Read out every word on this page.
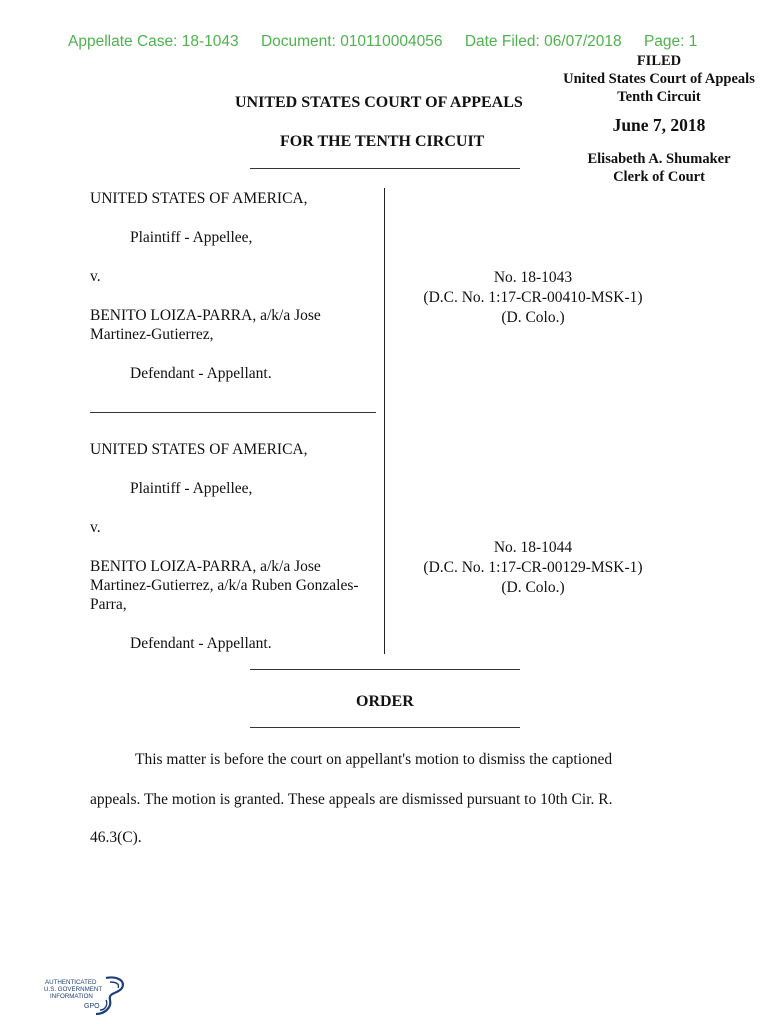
Appellate Case: 18-1043 Document: 010110004056 Date Filed: 06/07/2018 Page: 1
FILED
United States Court of Appeals
Tenth Circuit
June 7, 2018
Elisabeth A. Shumaker
Clerk of Court
UNITED STATES COURT OF APPEALS
FOR THE TENTH CIRCUIT
UNITED STATES OF AMERICA,
Plaintiff - Appellee,
v.
BENITO LOIZA-PARRA, a/k/a Jose
Martinez-Gutierrez,
Defendant - Appellant.
No. 18-1043
(D.C. No. 1:17-CR-00410-MSK-1)
(D. Colo.)
UNITED STATES OF AMERICA,
Plaintiff - Appellee,
v.
BENITO LOIZA-PARRA, a/k/a Jose
Martinez-Gutierrez, a/k/a Ruben Gonzales-
Parra,
Defendant - Appellant.
No. 18-1044
(D.C. No. 1:17-CR-00129-MSK-1)
(D. Colo.)
ORDER
This matter is before the court on appellant's motion to dismiss the captioned
appeals. The motion is granted. These appeals are dismissed pursuant to 10th Cir. R.
46.3(C).
AUTHENTICATED
U.S. GOVERNMENT
INFORMATION
GPO
